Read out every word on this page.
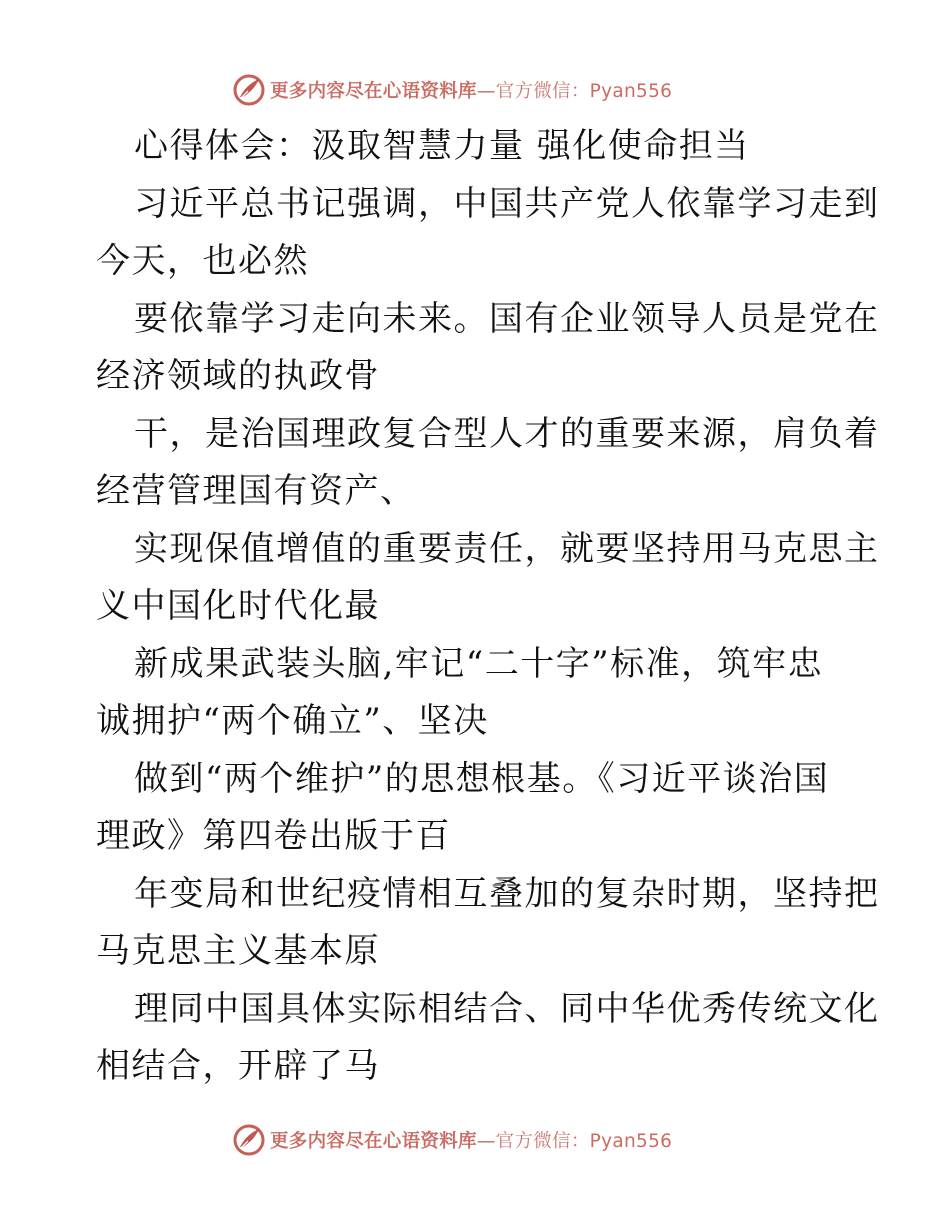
更多内容尽在心语资料库—官方微信：Pyan556
心得体会：汲取智慧力量 强化使命担当
习近平总书记强调，中国共产党人依靠学习走到
今天，也必然
要依靠学习走向未来。国有企业领导人员是党在
经济领域的执政骨
干，是治国理政复合型人才的重要来源，肩负着
经营管理国有资产、
实现保值增值的重要责任，就要坚持用马克思主
义中国化时代化最
新成果武装头脑,牢记“二十字”标准，筑牢忠
诚拥护“两个确立”、坚决
做到“两个维护”的思想根基。《习近平谈治国
理政》第四卷出版于百
年变局和世纪疫情相互叠加的复杂时期，坚持把
马克思主义基本原
理同中国具体实际相结合、同中华优秀传统文化
相结合，开辟了马
更多内容尽在心语资料库—官方微信：Pyan556
